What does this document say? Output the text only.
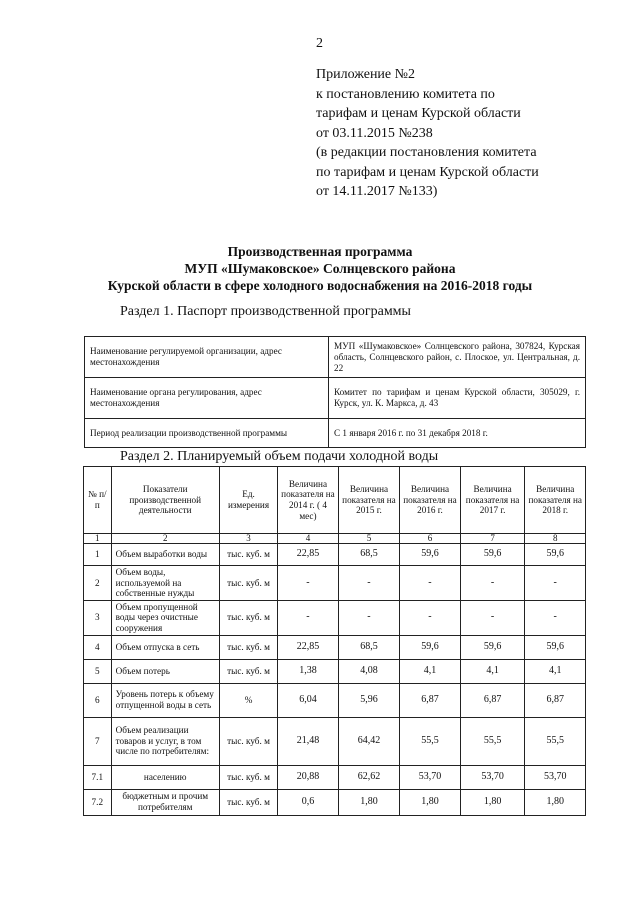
2
Приложение №2
к постановлению комитета по
тарифам и ценам Курской области
от 03.11.2015 №238
(в редакции постановления комитета
по тарифам и ценам Курской области
от 14.11.2017 №133)
Производственная программа
МУП «Шумаковское» Солнцевского района
Курской области в сфере холодного водоснабжения на 2016-2018 годы
Раздел 1. Паспорт производственной программы
Наименование регулируемой организации, адрес местонахождения	МУП «Шумаковское» Солнцевского района, 307824, Курская область, Солнцевского район, с. Плоское, ул. Центральная, д. 22
Наименование органа регулирования, адрес местонахождения	Комитет по тарифам и ценам Курской области, 305029, г. Курск, ул. К. Маркса, д. 43
Период реализации производственной программы	С 1 января 2016 г. по 31 декабря 2018 г.
Раздел 2. Планируемый объем подачи холодной воды
№ п/п	Показатели производственной деятельности	Ед. измерения	Величина показателя на 2014 г. ( 4 мес)	Величина показателя на 2015 г.	Величина показателя на 2016 г.	Величина показателя на 2017 г.	Величина показателя на 2018 г.
1	2	3	4	5	6	7	8
1	Объем выработки воды	тыс. куб. м	22,85	68,5	59,6	59,6	59,6
2	Объем воды, используемой на собственные нужды	тыс. куб. м	-	-	-	-	-
3	Объем пропущенной воды через очистные сооружения	тыс. куб. м	-	-	-	-	-
4	Объем отпуска в сеть	тыс. куб. м	22,85	68,5	59,6	59,6	59,6
5	Объем потерь	тыс. куб. м	1,38	4,08	4,1	4,1	4,1
6	Уровень потерь к объему отпущенной воды в сеть	%	6,04	5,96	6,87	6,87	6,87
7	Объем реализации товаров и услуг, в том числе по потребителям:	тыс. куб. м	21,48	64,42	55,5	55,5	55,5
7.1	населению	тыс. куб. м	20,88	62,62	53,70	53,70	53,70
7.2	бюджетным и прочим потребителям	тыс. куб. м	0,6	1,80	1,80	1,80	1,80
